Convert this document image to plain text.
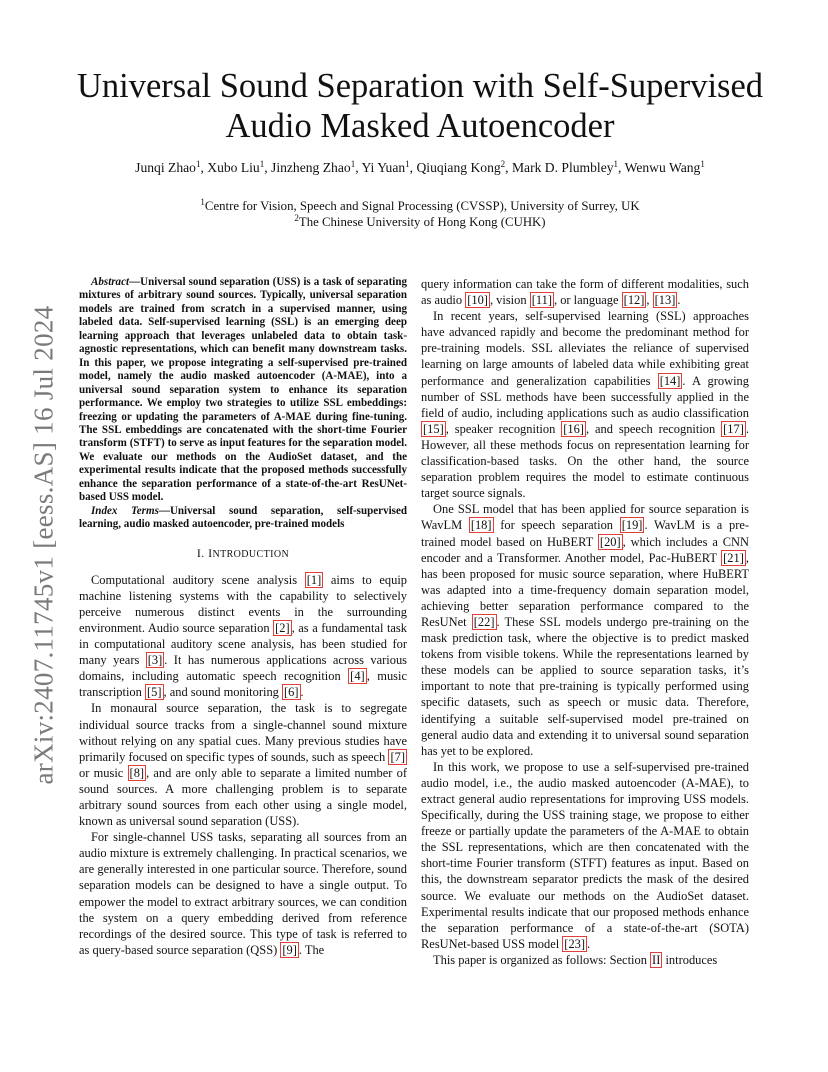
arXiv:2407.11745v1 [eess.AS] 16 Jul 2024
Universal Sound Separation with Self-Supervised
Audio Masked Autoencoder
Junqi Zhao$^1$, Xubo Liu$^1$, Jinzheng Zhao$^1$, Yi Yuan$^1$, Qiuqiang Kong$^2$, Mark D. Plumbley$^1$, Wenwu Wang$^1$
$^1$Centre for Vision, Speech and Signal Processing (CVSSP), University of Surrey, UK
$^2$The Chinese University of Hong Kong (CUHK)

Abstract—Universal sound separation (USS) is a task of separating mixtures of arbitrary sound sources. Typically, universal separation models are trained from scratch in a supervised manner, using labeled data. Self-supervised learning (SSL) is an emerging deep learning approach that leverages unlabeled data to obtain task-agnostic representations, which can benefit many downstream tasks. In this paper, we propose integrating a self-supervised pre-trained model, namely the audio masked autoencoder (A-MAE), into a universal sound separation system to enhance its separation performance. We employ two strategies to utilize SSL embeddings: freezing or updating the parameters of A-MAE during fine-tuning. The SSL embeddings are concatenated with the short-time Fourier transform (STFT) to serve as input features for the separation model. We evaluate our methods on the AudioSet dataset, and the experimental results indicate that the proposed methods successfully enhance the separation performance of a state-of-the-art ResUNet-based USS model.

Index Terms—Universal sound separation, self-supervised learning, audio masked autoencoder, pre-trained models

I. INTRODUCTION

Computational auditory scene analysis [1] aims to equip machine listening systems with the capability to selectively perceive numerous distinct events in the surrounding environment. Audio source separation [2] , as a fundamental task in computational auditory scene analysis, has been studied for many years [3] . It has numerous applications across various domains, including automatic speech recognition [4] , music transcription [5] , and sound monitoring [6] .

In monaural source separation, the task is to segregate individual source tracks from a single-channel sound mixture without relying on any spatial cues. Many previous studies have primarily focused on specific types of sounds, such as speech [7] or music [8] , and are only able to separate a limited number of sound sources. A more challenging problem is to separate arbitrary sound sources from each other using a single model, known as universal sound separation (USS).

For single-channel USS tasks, separating all sources from an audio mixture is extremely challenging. In practical scenarios, we are generally interested in one particular source. Therefore, sound separation models can be designed to have a single output. To empower the model to extract arbitrary sources, we can condition the system on a query embedding derived from reference recordings of the desired source. This type of task is referred to as query-based source separation (QSS) [9] . The

query information can take the form of different modalities, such as audio [10] , vision [11] , or language [12] , [13] .

In recent years, self-supervised learning (SSL) approaches have advanced rapidly and become the predominant method for pre-training models. SSL alleviates the reliance of supervised learning on large amounts of labeled data while exhibiting great performance and generalization capabilities [14] . A growing number of SSL methods have been successfully applied in the field of audio, including applications such as audio classification [15] , speaker recognition [16] , and speech recognition [17] . However, all these methods focus on representation learning for classification-based tasks. On the other hand, the source separation problem requires the model to estimate continuous target source signals.

One SSL model that has been applied for source separation is WavLM [18] for speech separation [19] . WavLM is a pre-trained model based on HuBERT [20] , which includes a CNN encoder and a Transformer. Another model, Pac-HuBERT [21] , has been proposed for music source separation, where HuBERT was adapted into a time-frequency domain separation model, achieving better separation performance compared to the ResUNet [22] . These SSL models undergo pre-training on the mask prediction task, where the objective is to predict masked tokens from visible tokens. While the representations learned by these models can be applied to source separation tasks, it’s important to note that pre-training is typically performed using specific datasets, such as speech or music data. Therefore, identifying a suitable self-supervised model pre-trained on general audio data and extending it to universal sound separation has yet to be explored.

In this work, we propose to use a self-supervised pre-trained audio model, i.e., the audio masked autoencoder (A-MAE), to extract general audio representations for improving USS models. Specifically, during the USS training stage, we propose to either freeze or partially update the parameters of the A-MAE to obtain the SSL representations, which are then concatenated with the short-time Fourier transform (STFT) features as input. Based on this, the downstream separator predicts the mask of the desired source. We evaluate our methods on the AudioSet dataset. Experimental results indicate that our proposed methods enhance the separation performance of a state-of-the-art (SOTA) ResUNet-based USS model [23] .

This paper is organized as follows: Section II introduces
